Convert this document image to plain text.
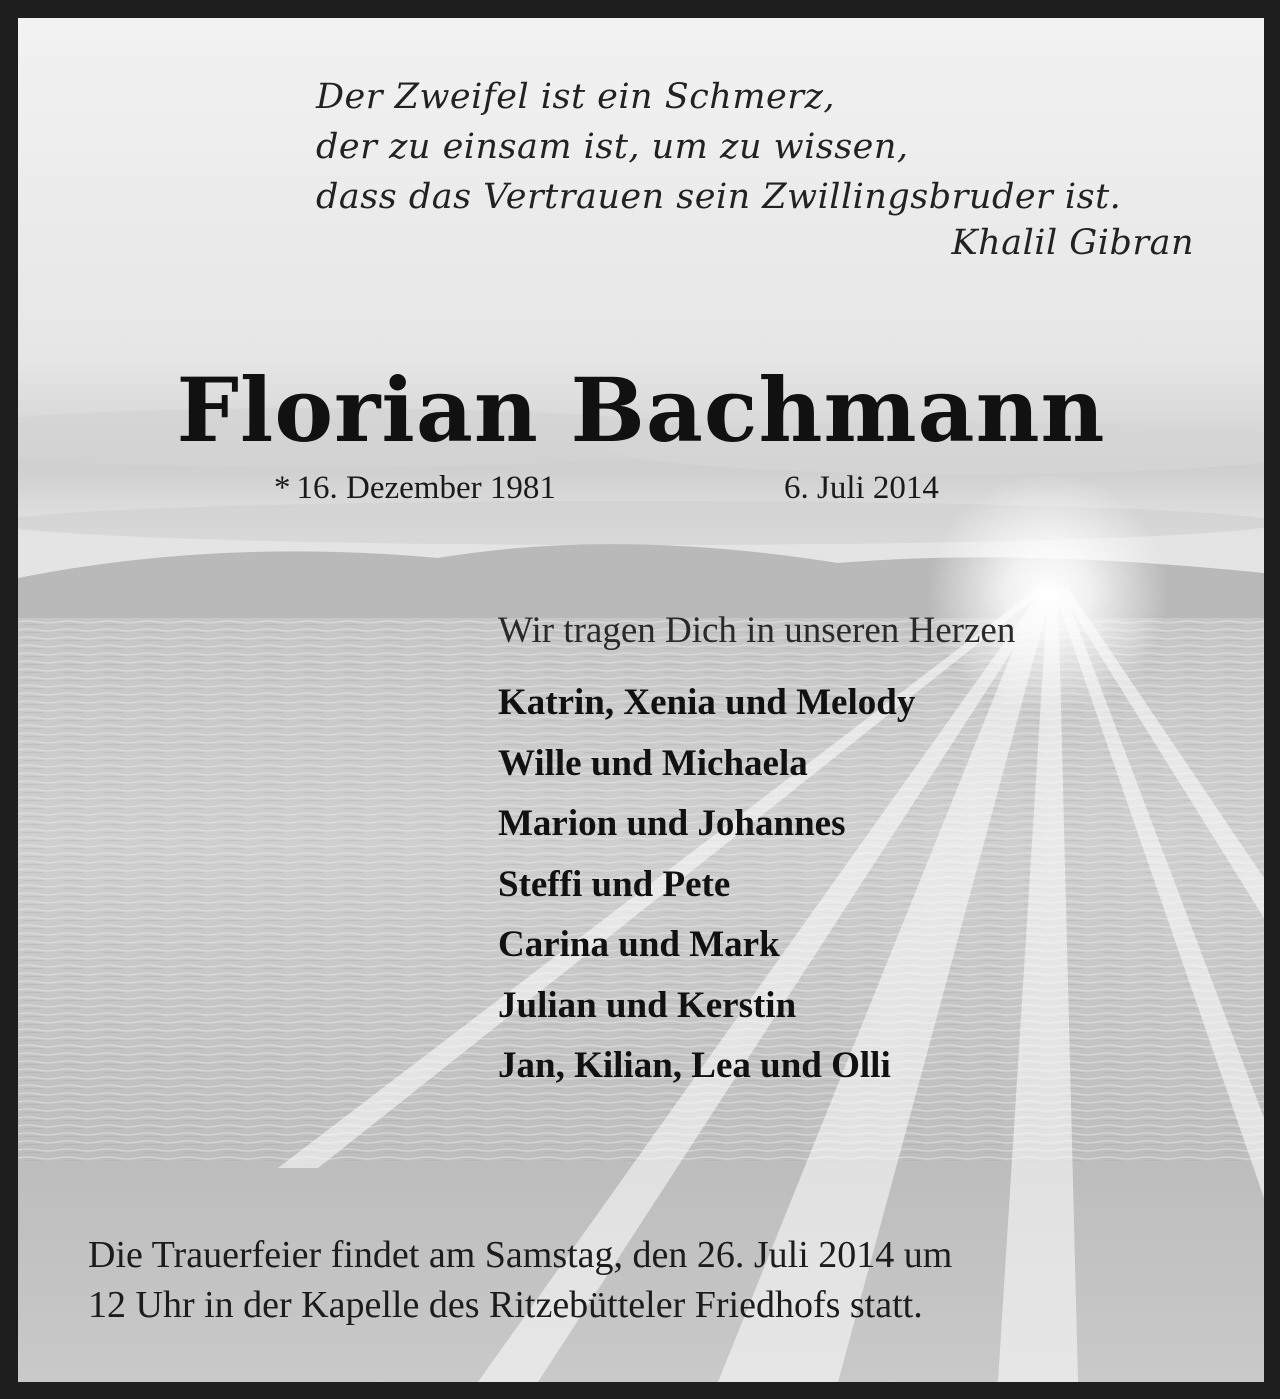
Der Zweifel ist ein Schmerz,
der zu einsam ist, um zu wissen,
dass das Vertrauen sein Zwillingsbruder ist.
Khalil Gibran
Florian Bachmann
* 16. Dezember 1981	6. Juli 2014
Wir tragen Dich in unseren Herzen
Katrin, Xenia und Melody
Wille und Michaela
Marion und Johannes
Steffi und Pete
Carina und Mark
Julian und Kerstin
Jan, Kilian, Lea und Olli
Die Trauerfeier findet am Samstag, den 26. Juli 2014 um
12 Uhr in der Kapelle des Ritzebütteler Friedhofs statt.
